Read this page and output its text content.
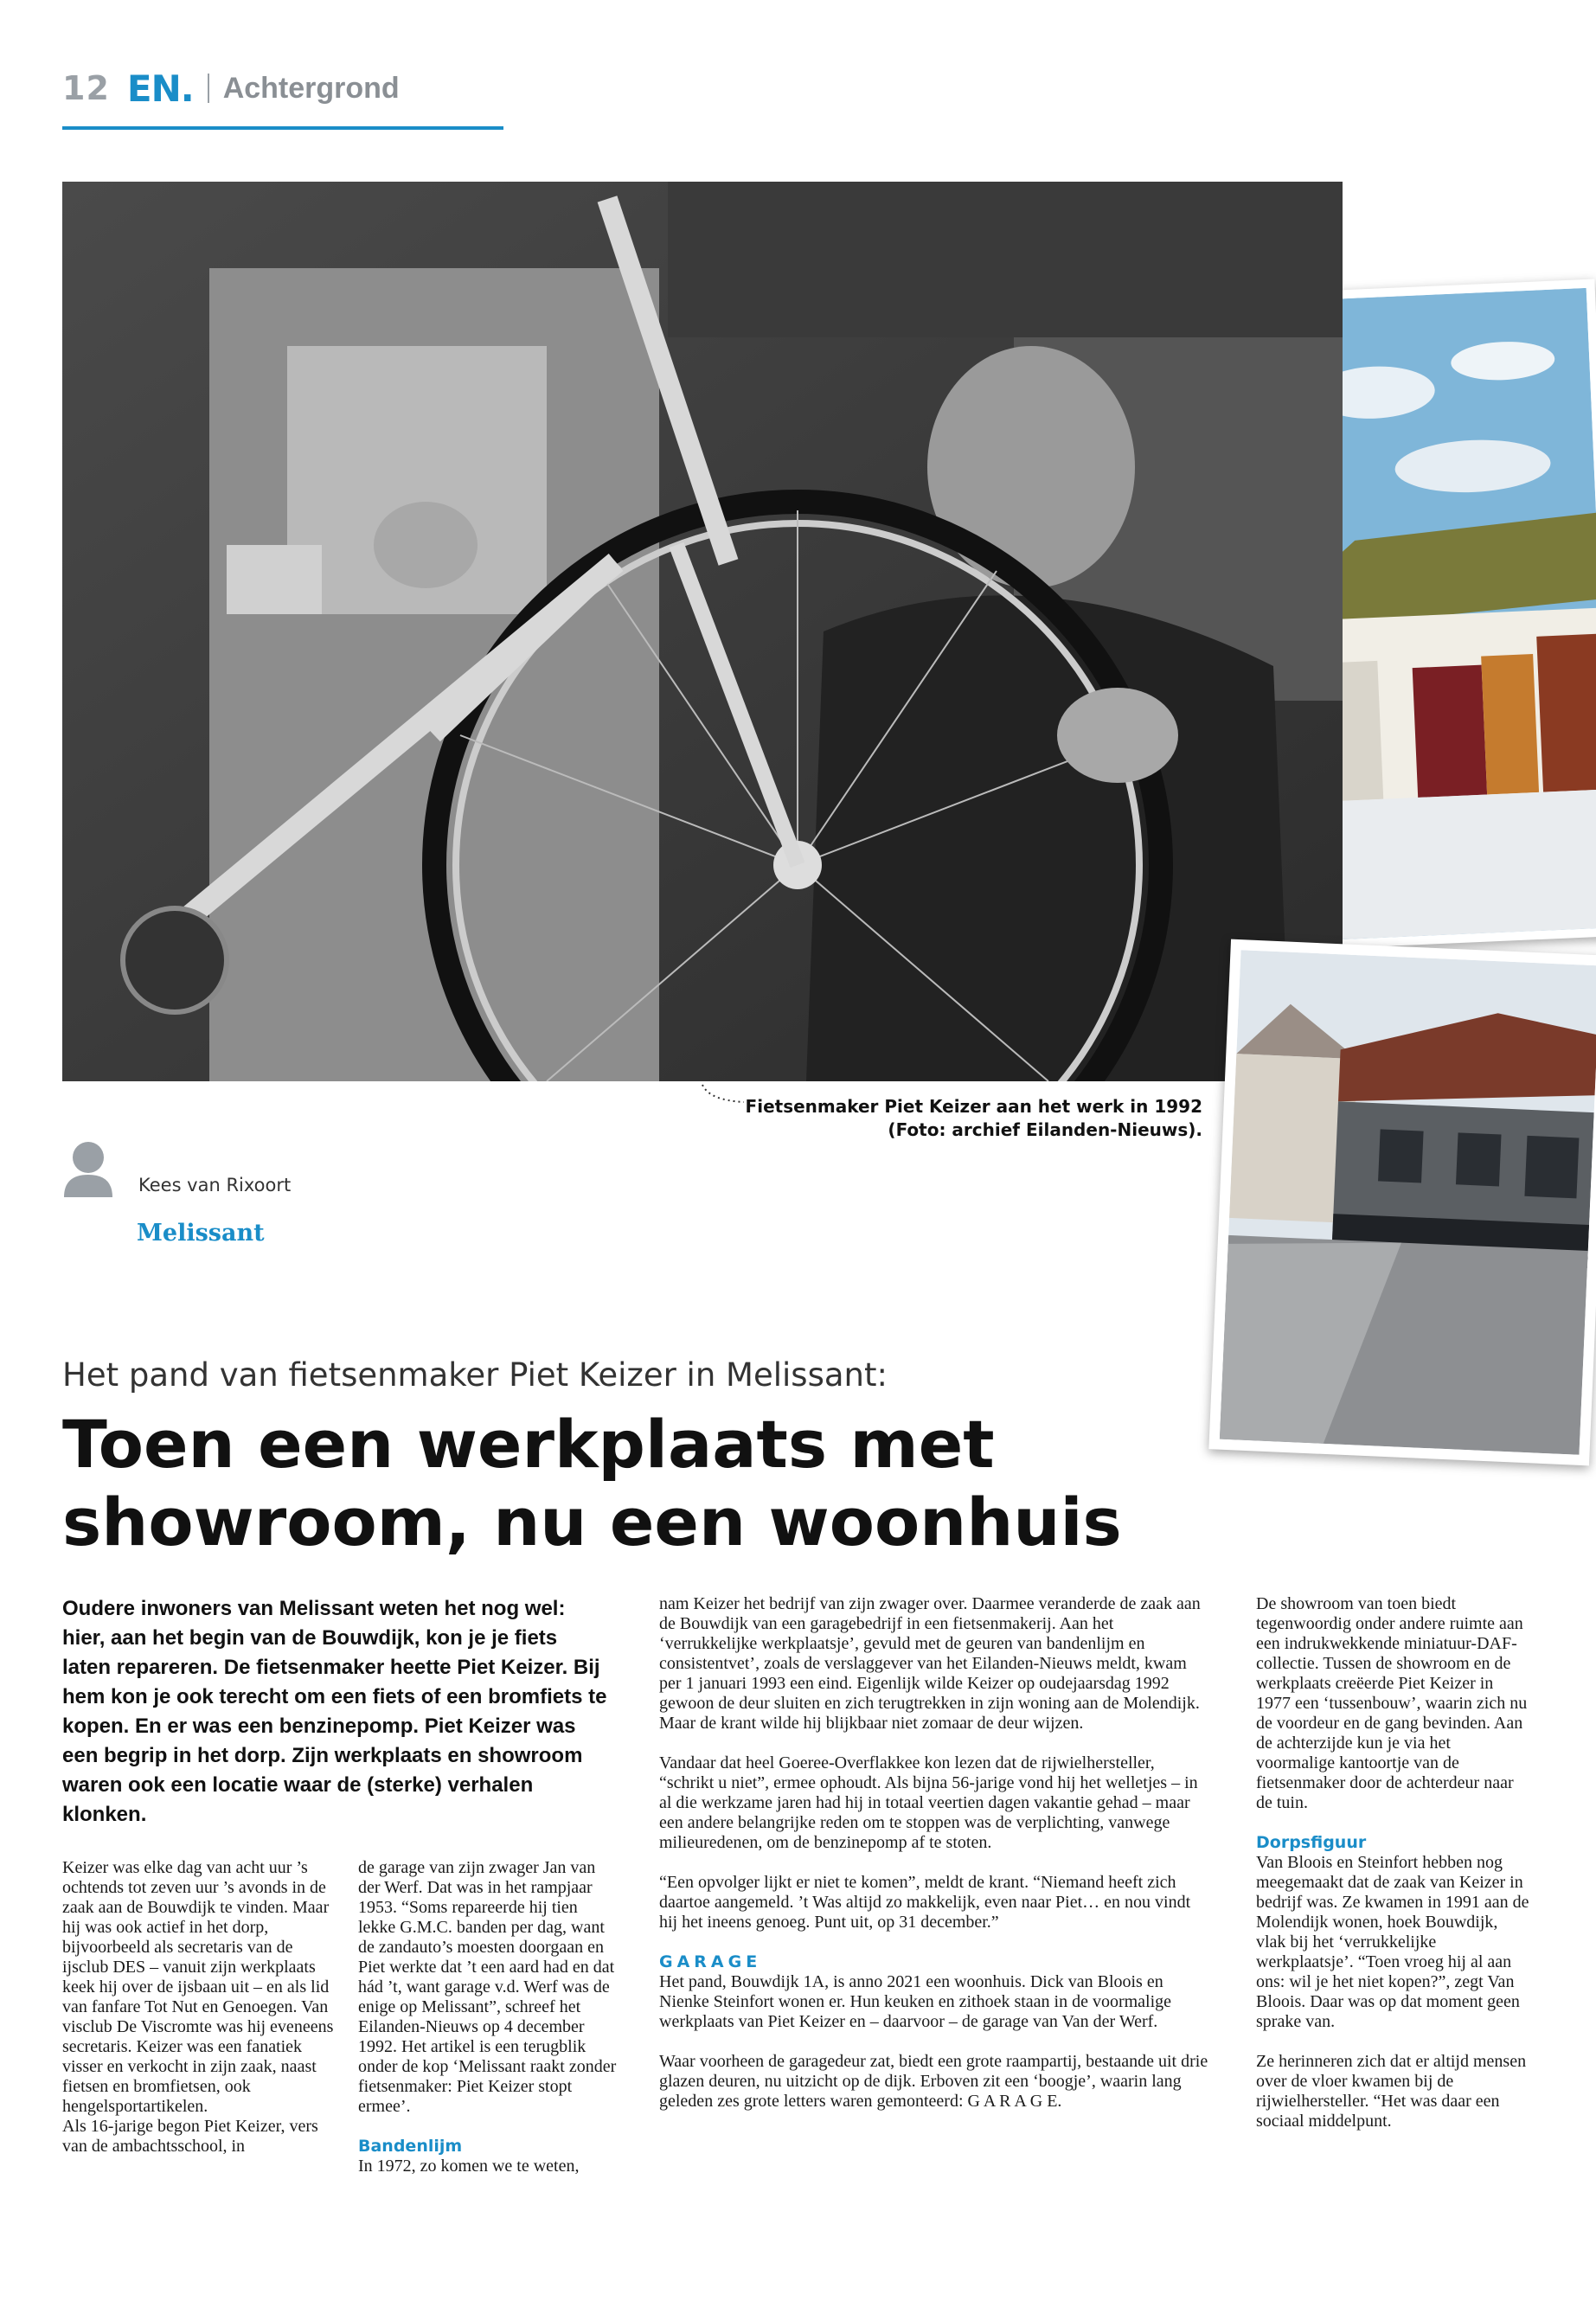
12 EN. Achtergrond
Fietsenmaker Piet Keizer aan het werk in 1992
(Foto: archief Eilanden-Nieuws).
Kees van Rixoort
Melissant
Het pand van fietsenmaker Piet Keizer in Melissant:
Toen een werkplaats met showroom, nu een woonhuis
Oudere inwoners van Melissant weten het nog wel: hier, aan het begin van de Bouwdijk, kon je je fiets laten repareren. De fietsenmaker heette Piet Keizer. Bij hem kon je ook terecht om een fiets of een bromfiets te kopen. En er was een benzinepomp. Piet Keizer was een begrip in het dorp. Zijn werkplaats en showroom waren ook een locatie waar de (sterke) verhalen klonken.
Keizer was elke dag van acht uur ’s ochtends tot zeven uur ’s avonds in de zaak aan de Bouwdijk te vinden. Maar hij was ook actief in het dorp, bijvoorbeeld als secretaris van de ijsclub DES – vanuit zijn werkplaats keek hij over de ijsbaan uit – en als lid van fanfare Tot Nut en Genoegen. Van visclub De Viscromte was hij eveneens secretaris. Keizer was een fanatiek visser en verkocht in zijn zaak, naast fietsen en bromfietsen, ook hengelsportartikelen.
Als 16-jarige begon Piet Keizer, vers van de ambachtsschool, in
de garage van zijn zwager Jan van der Werf. Dat was in het rampjaar 1953. “Soms repareerde hij tien lekke G.M.C. banden per dag, want de zandauto’s moesten doorgaan en Piet werkte dat ’t een aard had en dat hád ’t, want garage v.d. Werf was de enige op Melissant”, schreef het Eilanden-Nieuws op 4 december 1992. Het artikel is een terugblik onder de kop ‘Melissant raakt zonder fietsenmaker: Piet Keizer stopt ermee’.
Bandenlijm
In 1972, zo komen we te weten,
nam Keizer het bedrijf van zijn zwager over. Daarmee veranderde de zaak aan de Bouwdijk van een garagebedrijf in een fietsenmakerij. Aan het ‘verrukkelijke werkplaatsje’, gevuld met de geuren van bandenlijm en consistentvet’, zoals de verslaggever van het Eilanden-Nieuws meldt, kwam per 1 januari 1993 een eind. Eigenlijk wilde Keizer op oudejaarsdag 1992 gewoon de deur sluiten en zich terugtrekken in zijn woning aan de Molendijk. Maar de krant wilde hij blijkbaar niet zomaar de deur wijzen.
Vandaar dat heel Goeree-Overflakkee kon lezen dat de rijwielhersteller, “schrikt u niet”, ermee ophoudt. Als bijna 56-jarige vond hij het welletjes – in al die werkzame jaren had hij in totaal veertien dagen vakantie gehad – maar een andere belangrijke reden om te stoppen was de verplichting, vanwege milieuredenen, om de benzinepomp af te stoten.
“Een opvolger lijkt er niet te komen”, meldt de krant. “Niemand heeft zich daartoe aangemeld. ’t Was altijd zo makkelijk, even naar Piet… en nou vindt hij het ineens genoeg. Punt uit, op 31 december.”
GARAGE
Het pand, Bouwdijk 1A, is anno 2021 een woonhuis. Dick van Bloois en Nienke Steinfort wonen er. Hun keuken en zithoek staan in de voormalige werkplaats van Piet Keizer en – daarvoor – de garage van Van der Werf.
Waar voorheen de garagedeur zat, biedt een grote raampartij, bestaande uit drie glazen deuren, nu uitzicht op de dijk. Erboven zit een ‘boogje’, waarin lang geleden zes grote letters waren gemonteerd: G A R A G E.
De showroom van toen biedt tegenwoordig onder andere ruimte aan een indrukwekkende miniatuur-DAF-collectie. Tussen de showroom en de werkplaats creëerde Piet Keizer in 1977 een ‘tussenbouw’, waarin zich nu de voordeur en de gang bevinden. Aan de achterzijde kun je via het voormalige kantoortje van de fietsenmaker door de achterdeur naar de tuin.
Dorpsfiguur
Van Bloois en Steinfort hebben nog meegemaakt dat de zaak van Keizer in bedrijf was. Ze kwamen in 1991 aan de Molendijk wonen, hoek Bouwdijk, vlak bij het ‘verrukkelijke werkplaatsje’. “Toen vroeg hij al aan ons: wil je het niet kopen?”, zegt Van Bloois. Daar was op dat moment geen sprake van.
Ze herinneren zich dat er altijd mensen over de vloer kwamen bij de rijwielhersteller. “Het was daar een sociaal middelpunt.
